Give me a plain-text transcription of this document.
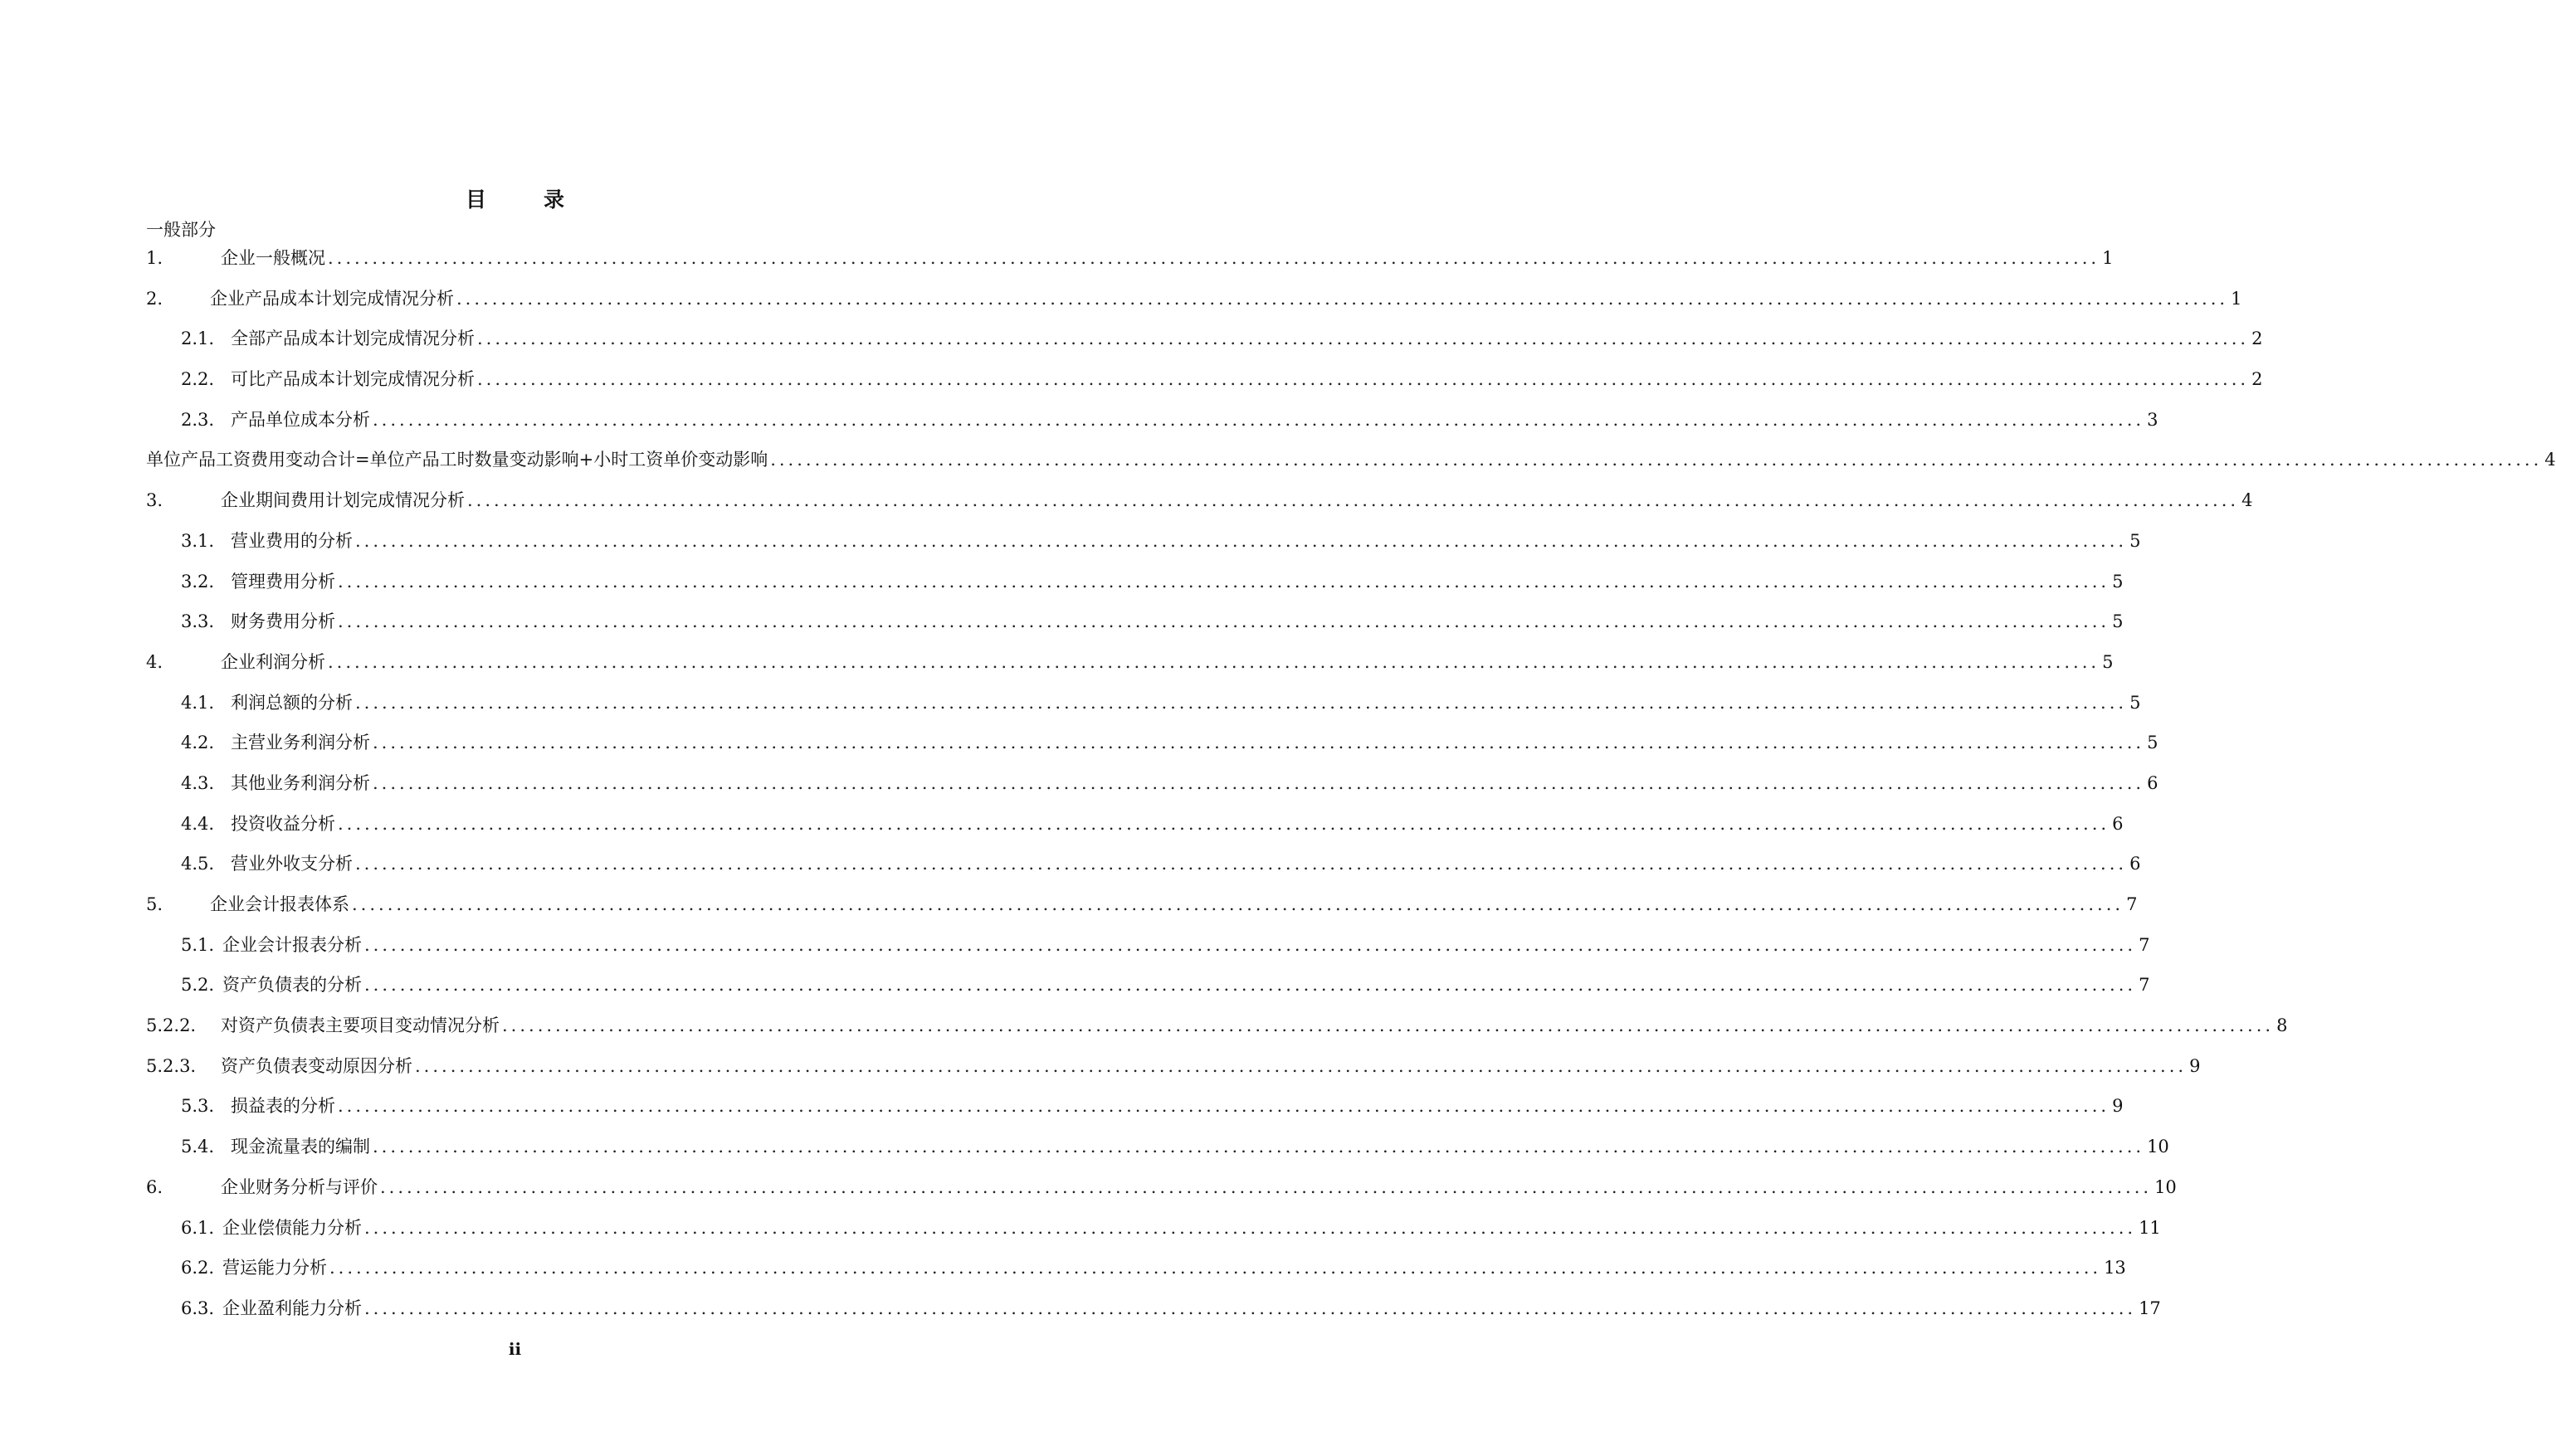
目　录
一般部分
1.	企业一般概况 ........................................................................................................................................................................................................ 1
2.	企业产品成本计划完成情况分析 ........................................................................................................................................................................................................ 1
2.1. 全部产品成本计划完成情况分析 ........................................................................................................................................................................................................ 2
2.2. 可比产品成本计划完成情况分析 ........................................................................................................................................................................................................ 2
2.3. 产品单位成本分析 ........................................................................................................................................................................................................ 3
单位产品工资费用变动合计=单位产品工时数量变动影响+小时工资单价变动影响 ........................................................................................................................................................................................................ 4
3.	企业期间费用计划完成情况分析 ........................................................................................................................................................................................................ 4
3.1. 营业费用的分析 ........................................................................................................................................................................................................ 5
3.2. 管理费用分析 ........................................................................................................................................................................................................ 5
3.3. 财务费用分析 ........................................................................................................................................................................................................ 5
4.	企业利润分析 ........................................................................................................................................................................................................ 5
4.1. 利润总额的分析 ........................................................................................................................................................................................................ 5
4.2. 主营业务利润分析 ........................................................................................................................................................................................................ 5
4.3. 其他业务利润分析 ........................................................................................................................................................................................................ 6
4.4. 投资收益分析 ........................................................................................................................................................................................................ 6
4.5. 营业外收支分析 ........................................................................................................................................................................................................ 6
5.	企业会计报表体系 ........................................................................................................................................................................................................ 7
5.1. 企业会计报表分析 ........................................................................................................................................................................................................ 7
5.2. 资产负债表的分析 ........................................................................................................................................................................................................ 7
5.2.2.	对资产负债表主要项目变动情况分析 ........................................................................................................................................................................................................ 8
5.2.3.	资产负债表变动原因分析 ........................................................................................................................................................................................................ 9
5.3. 损益表的分析 ........................................................................................................................................................................................................ 9
5.4. 现金流量表的编制 ........................................................................................................................................................................................................ 10
6.	企业财务分析与评价 ........................................................................................................................................................................................................ 10
6.1. 企业偿债能力分析 ........................................................................................................................................................................................................ 11
6.2. 营运能力分析 ........................................................................................................................................................................................................ 13
6.3. 企业盈利能力分析 ........................................................................................................................................................................................................ 17
ii
